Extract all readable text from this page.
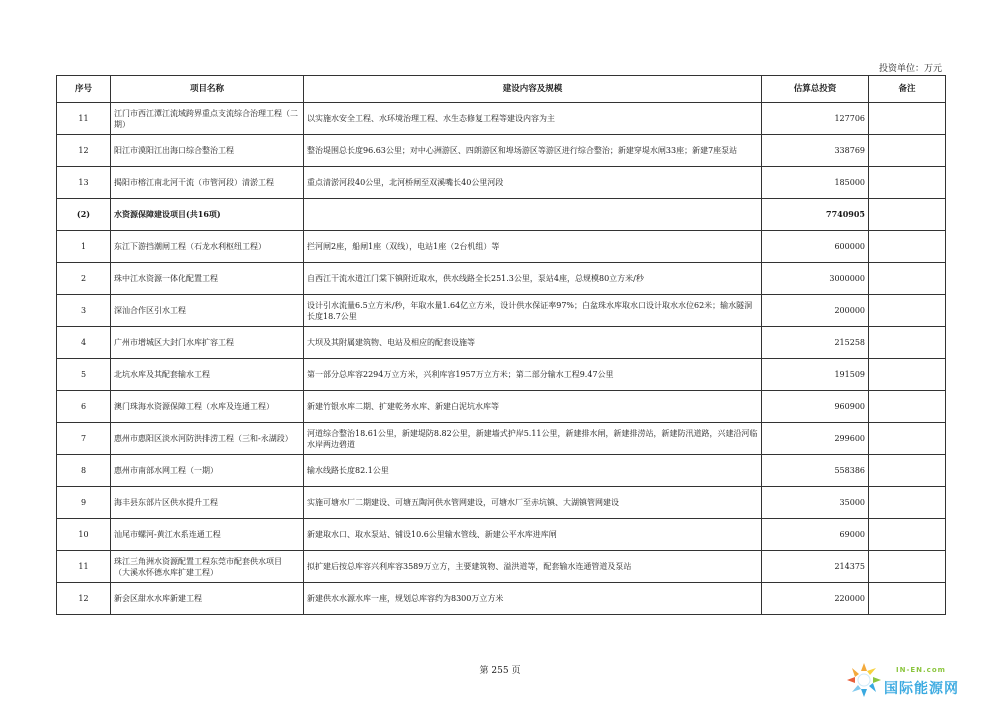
投资单位：万元
序号	项目名称	建设内容及规模	估算总投资	备注
11	江门市西江潭江流域跨界重点支流综合治理工程（二期）	以实施水安全工程、水环境治理工程、水生态修复工程等建设内容为主	127706	
12	阳江市漠阳江出海口综合整治工程	整治堤围总长度96.63公里；对中心洲游区、四朗游区和埠场游区等游区进行综合整治；新建穿堤水闸33座；新建7座泵站	338769	
13	揭阳市榕江南北河干流（市管河段）清淤工程	重点清淤河段40公里，北河桥闸至双溪嘴长40公里河段	185000	
(2)	水资源保障建设项目(共16项)		7740905	
1	东江下游挡潮闸工程（石龙水利枢纽工程）	拦河闸2座，船闸1座（双线），电站1座（2台机组）等	600000	
2	珠中江水资源一体化配置工程	自西江干流水道江门棠下镇附近取水，供水线路全长251.3公里，泵站4座，总规模80立方米/秒	3000000	
3	深汕合作区引水工程	设计引水流量6.5立方米/秒，年取水量1.64亿立方米，设计供水保证率97%；白盆珠水库取水口设计取水水位62米；输水隧洞长度18.7公里	200000	
4	广州市增城区大封门水库扩容工程	大坝及其附属建筑物、电站及相应的配套设施等	215258	
5	北坑水库及其配套输水工程	第一部分总库容2294万立方米，兴利库容1957万立方米；第二部分输水工程9.47公里	191509	
6	澳门珠海水资源保障工程（水库及连通工程）	新建竹银水库二期、扩建乾务水库、新建白泥坑水库等	960900	
7	惠州市惠阳区淡水河防洪排涝工程（三和-永湖段）	河道综合整治18.61公里，新建堤防8.82公里，新建墙式护岸5.11公里，新建排水闸，新建排涝站，新建防汛道路，兴建沿河临水岸两边碧道	299600	
8	惠州市南部水网工程（一期）	输水线路长度82.1公里	558386	
9	海丰县东部片区供水提升工程	实施可塘水厂二期建设、可塘五陶河供水管网建设，可塘水厂至赤坑镇、大湖镇管网建设	35000	
10	汕尾市螺河-黄江水系连通工程	新建取水口、取水泵站、铺设10.6公里输水管线、新建公平水库进库闸	69000	
11	珠江三角洲水资源配置工程东莞市配套供水项目 （大溪水怀德水库扩建工程）	拟扩建后按总库容兴利库容3589万立方，主要建筑物、溢洪道等，配套输水连通管道及泵站	214375	
12	新会区甜水水库新建工程	新建供水水源水库一座，规划总库容约为8300万立方米	220000	
第 255 页	IN-EN.com
国际能源网
